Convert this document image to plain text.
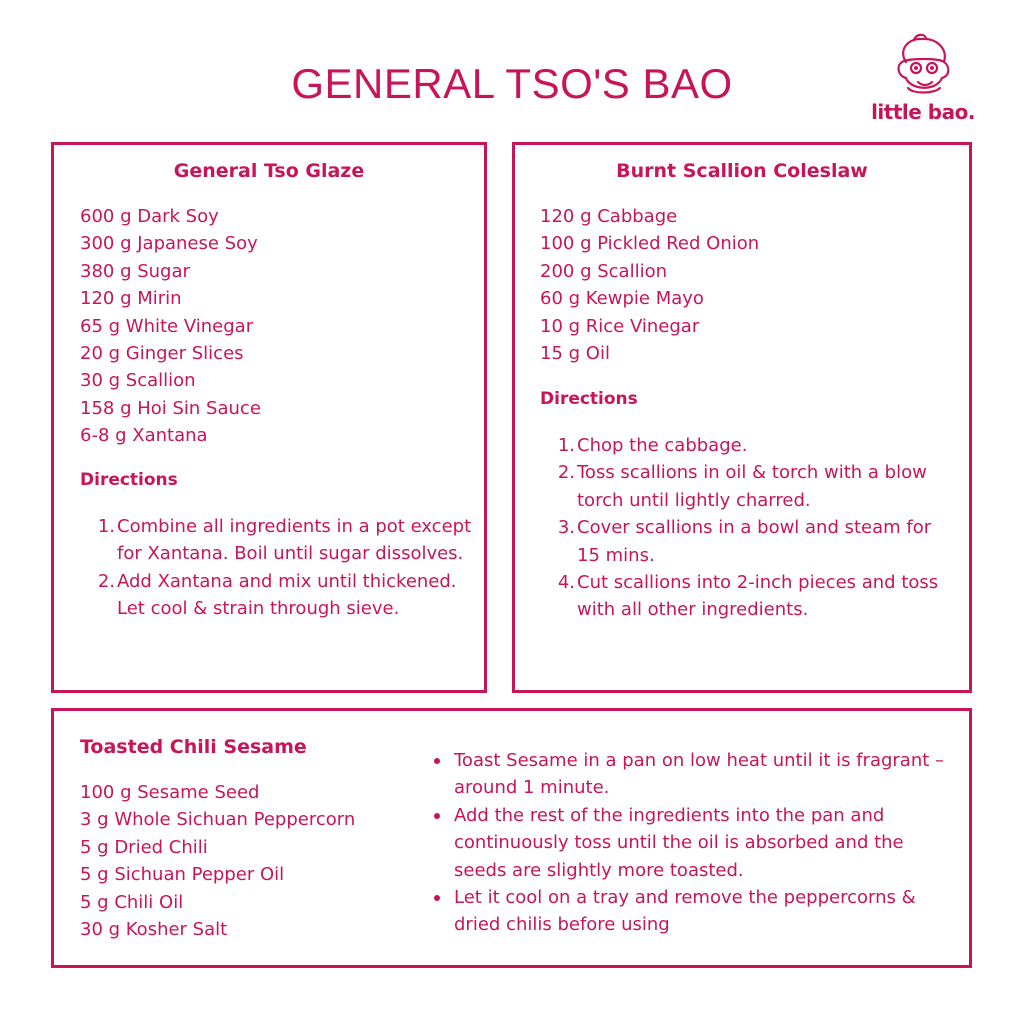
GENERAL TSO'S BAO
little bao.
General Tso Glaze
600 g Dark Soy
300 g Japanese Soy
380 g Sugar
120 g Mirin
65 g White Vinegar
20 g Ginger Slices
30 g Scallion
158 g Hoi Sin Sauce
6-8 g Xantana
Directions
1. Combine all ingredients in a pot except for Xantana. Boil until sugar dissolves.
2. Add Xantana and mix until thickened. Let cool & strain through sieve.
Burnt Scallion Coleslaw
120 g Cabbage
100 g Pickled Red Onion
200 g Scallion
60 g Kewpie Mayo
10 g Rice Vinegar
15 g Oil
Directions
1. Chop the cabbage.
2. Toss scallions in oil & torch with a blow torch until lightly charred.
3. Cover scallions in a bowl and steam for 15 mins.
4. Cut scallions into 2-inch pieces and toss with all other ingredients.
Toasted Chili Sesame
100 g Sesame Seed
3 g Whole Sichuan Peppercorn
5 g Dried Chili
5 g Sichuan Pepper Oil
5 g Chili Oil
30 g Kosher Salt
Toast Sesame in a pan on low heat until it is fragrant – around 1 minute.
Add the rest of the ingredients into the pan and continuously toss until the oil is absorbed and the seeds are slightly more toasted.
Let it cool on a tray and remove the peppercorns & dried chilis before using
